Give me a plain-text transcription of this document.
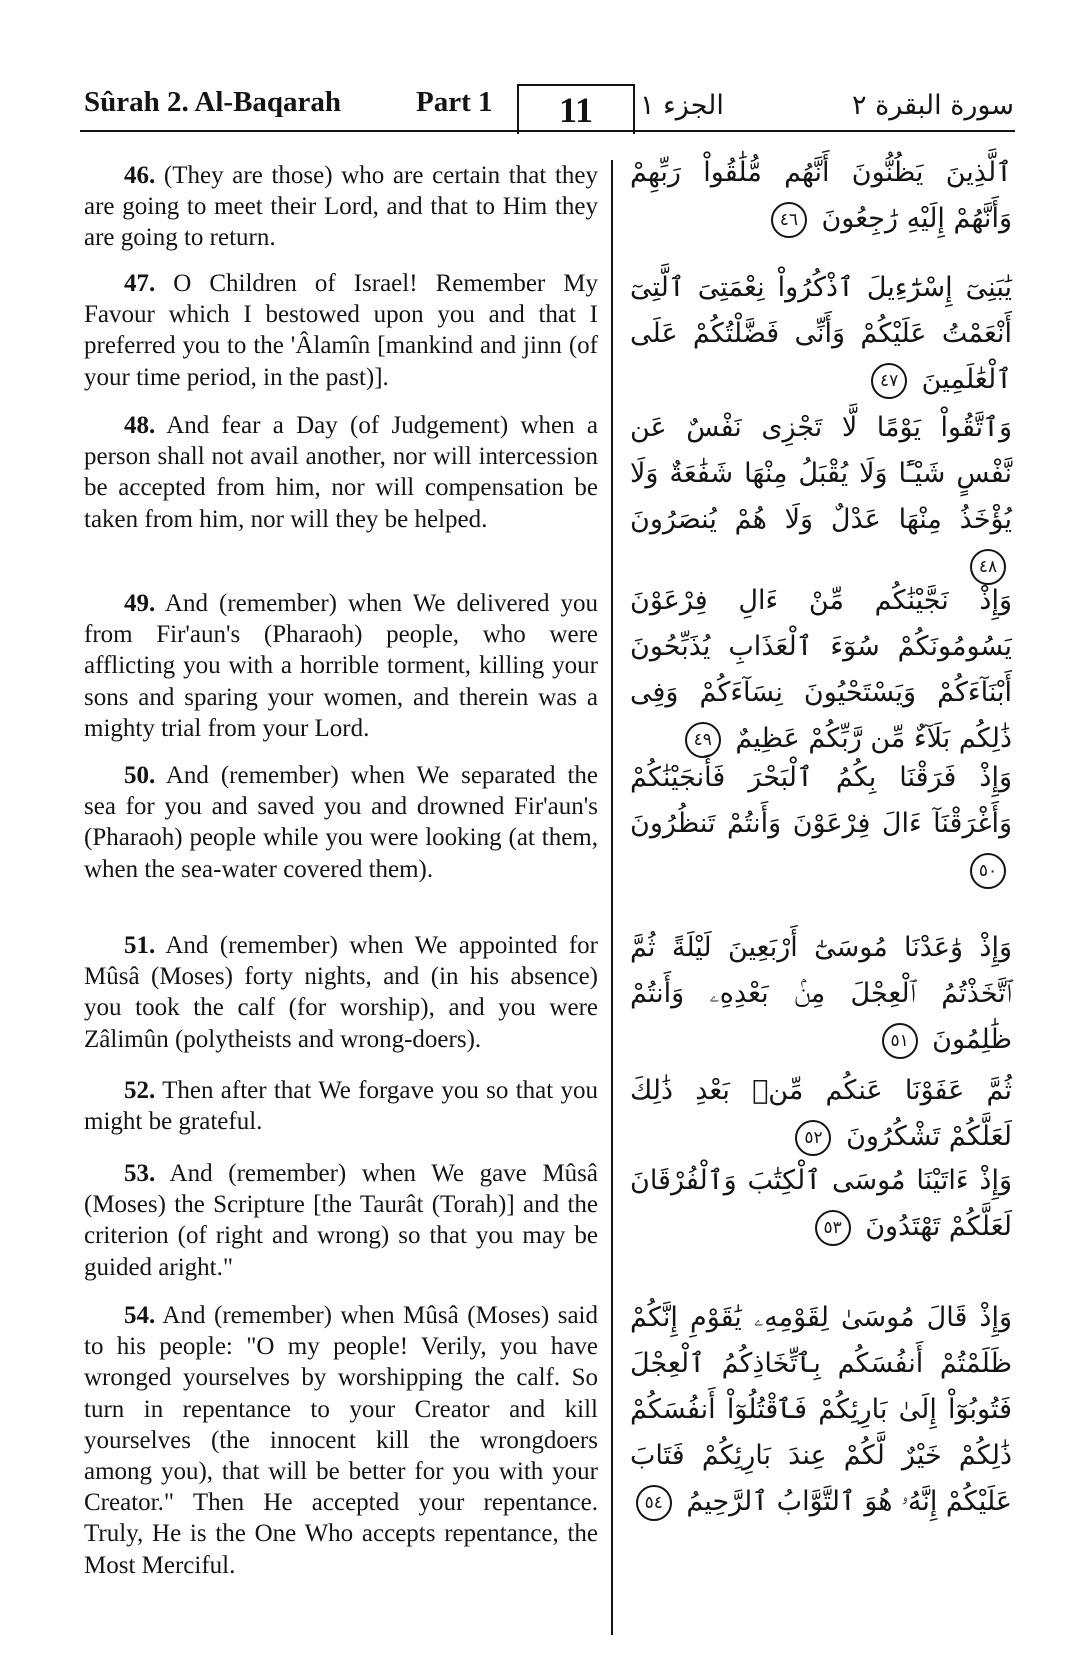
Sûrah 2. Al-Baqarah	Part 1 11 الجزء ١	سورة البقرة ٢

46. (They are those) who are certain that they are going to meet their Lord, and that to Him they are going to return.

ٱلَّذِينَ يَظُنُّونَ أَنَّهُم مُّلَٰقُواْ رَبِّهِمْ وَأَنَّهُمْ إِلَيْهِ رَٰجِعُونَ ٤٦

47. O Children of Israel! Remember My Favour which I bestowed upon you and that I preferred you to the 'Âlamîn [mankind and jinn (of your time period, in the past)].

يَٰبَنِىٓ إِسْرَٰٓءِيلَ ٱذْكُرُواْ نِعْمَتِىَ ٱلَّتِىٓ أَنْعَمْتُ عَلَيْكُمْ وَأَنِّى فَضَّلْتُكُمْ عَلَى ٱلْعَٰلَمِينَ ٤٧

48. And fear a Day (of Judgement) when a person shall not avail another, nor will intercession be accepted from him, nor will compensation be taken from him, nor will they be helped.

وَٱتَّقُواْ يَوْمًا لَّا تَجْزِى نَفْسٌ عَن نَّفْسٍ شَيْـًٔا وَلَا يُقْبَلُ مِنْهَا شَفَٰعَةٌ وَلَا يُؤْخَذُ مِنْهَا عَدْلٌ وَلَا هُمْ يُنصَرُونَ ٤٨

49. And (remember) when We delivered you from Fir'aun's (Pharaoh) people, who were afflicting you with a horrible torment, killing your sons and sparing your women, and therein was a mighty trial from your Lord.

وَإِذْ نَجَّيْنَٰكُم مِّنْ ءَالِ فِرْعَوْنَ يَسُومُونَكُمْ سُوٓءَ ٱلْعَذَابِ يُذَبِّحُونَ أَبْنَآءَكُمْ وَيَسْتَحْيُونَ نِسَآءَكُمْ وَفِى ذَٰلِكُم بَلَآءٌ مِّن رَّبِّكُمْ عَظِيمٌ ٤٩

50. And (remember) when We separated the sea for you and saved you and drowned Fir'aun's (Pharaoh) people while you were looking (at them, when the sea-water covered them).

وَإِذْ فَرَقْنَا بِكُمُ ٱلْبَحْرَ فَأَنجَيْنَٰكُمْ وَأَغْرَقْنَآ ءَالَ فِرْعَوْنَ وَأَنتُمْ تَنظُرُونَ ٥٠

51. And (remember) when We appointed for Mûsâ (Moses) forty nights, and (in his absence) you took the calf (for worship), and you were Zâlimûn (polytheists and wrong-doers).

وَإِذْ وَٰعَدْنَا مُوسَىٰٓ أَرْبَعِينَ لَيْلَةً ثُمَّ ٱتَّخَذْتُمُ ٱلْعِجْلَ مِنۢ بَعْدِهِۦ وَأَنتُمْ ظَٰلِمُونَ ٥١

52. Then after that We forgave you so that you might be grateful.

ثُمَّ عَفَوْنَا عَنكُم مِّنۢ بَعْدِ ذَٰلِكَ لَعَلَّكُمْ تَشْكُرُونَ ٥٢

53. And (remember) when We gave Mûsâ (Moses) the Scripture [the Taurât (Torah)] and the criterion (of right and wrong) so that you may be guided aright."

وَإِذْ ءَاتَيْنَا مُوسَى ٱلْكِتَٰبَ وَٱلْفُرْقَانَ لَعَلَّكُمْ تَهْتَدُونَ ٥٣

54. And (remember) when Mûsâ (Moses) said to his people: "O my people! Verily, you have wronged yourselves by worshipping the calf. So turn in repentance to your Creator and kill yourselves (the innocent kill the wrongdoers among you), that will be better for you with your Creator." Then He accepted your repentance. Truly, He is the One Who accepts repentance, the Most Merciful.

وَإِذْ قَالَ مُوسَىٰ لِقَوْمِهِۦ يَٰقَوْمِ إِنَّكُمْ ظَلَمْتُمْ أَنفُسَكُم بِٱتِّخَاذِكُمُ ٱلْعِجْلَ فَتُوبُوٓاْ إِلَىٰ بَارِئِكُمْ فَٱقْتُلُوٓاْ أَنفُسَكُمْ ذَٰلِكُمْ خَيْرٌ لَّكُمْ عِندَ بَارِئِكُمْ فَتَابَ عَلَيْكُمْ إِنَّهُۥ هُوَ ٱلتَّوَّابُ ٱلرَّحِيمُ ٥٤
